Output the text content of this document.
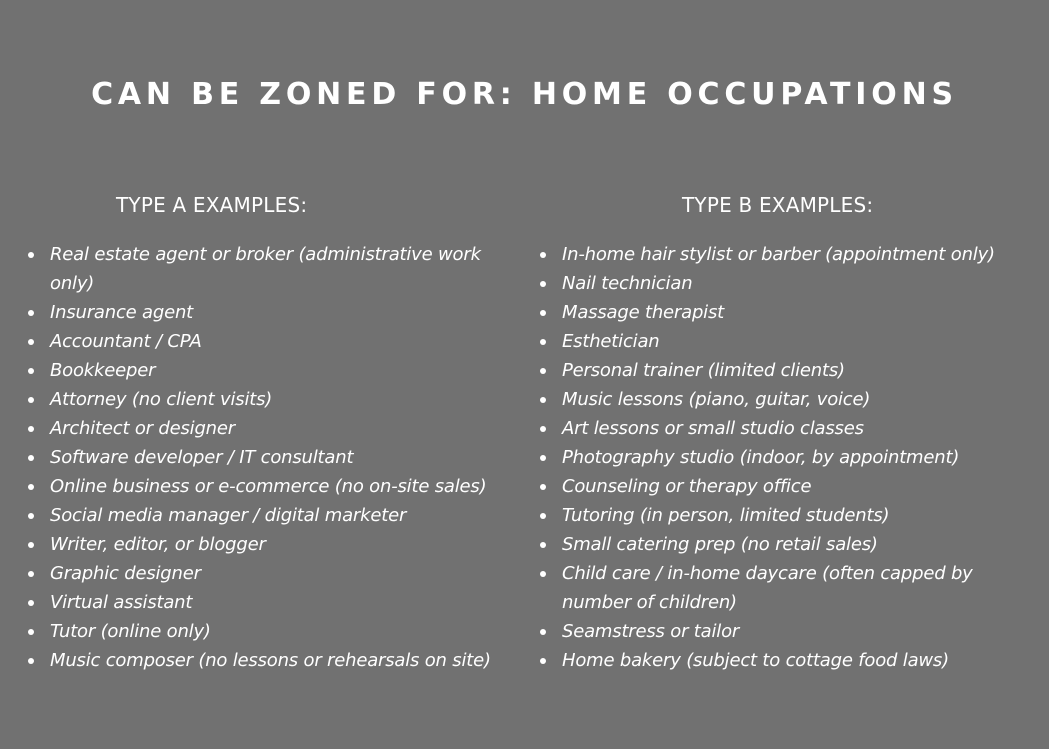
CAN BE ZONED FOR: HOME OCCUPATIONS
TYPE A EXAMPLES:
Real estate agent or broker (administrative work only)
Insurance agent
Accountant / CPA
Bookkeeper
Attorney (no client visits)
Architect or designer
Software developer / IT consultant
Online business or e-commerce (no on-site sales)
Social media manager / digital marketer
Writer, editor, or blogger
Graphic designer
Virtual assistant
Tutor (online only)
Music composer (no lessons or rehearsals on site)
TYPE B EXAMPLES:
In-home hair stylist or barber (appointment only)
Nail technician
Massage therapist
Esthetician
Personal trainer (limited clients)
Music lessons (piano, guitar, voice)
Art lessons or small studio classes
Photography studio (indoor, by appointment)
Counseling or therapy office
Tutoring (in person, limited students)
Small catering prep (no retail sales)
Child care / in-home daycare (often capped by number of children)
Seamstress or tailor
Home bakery (subject to cottage food laws)
